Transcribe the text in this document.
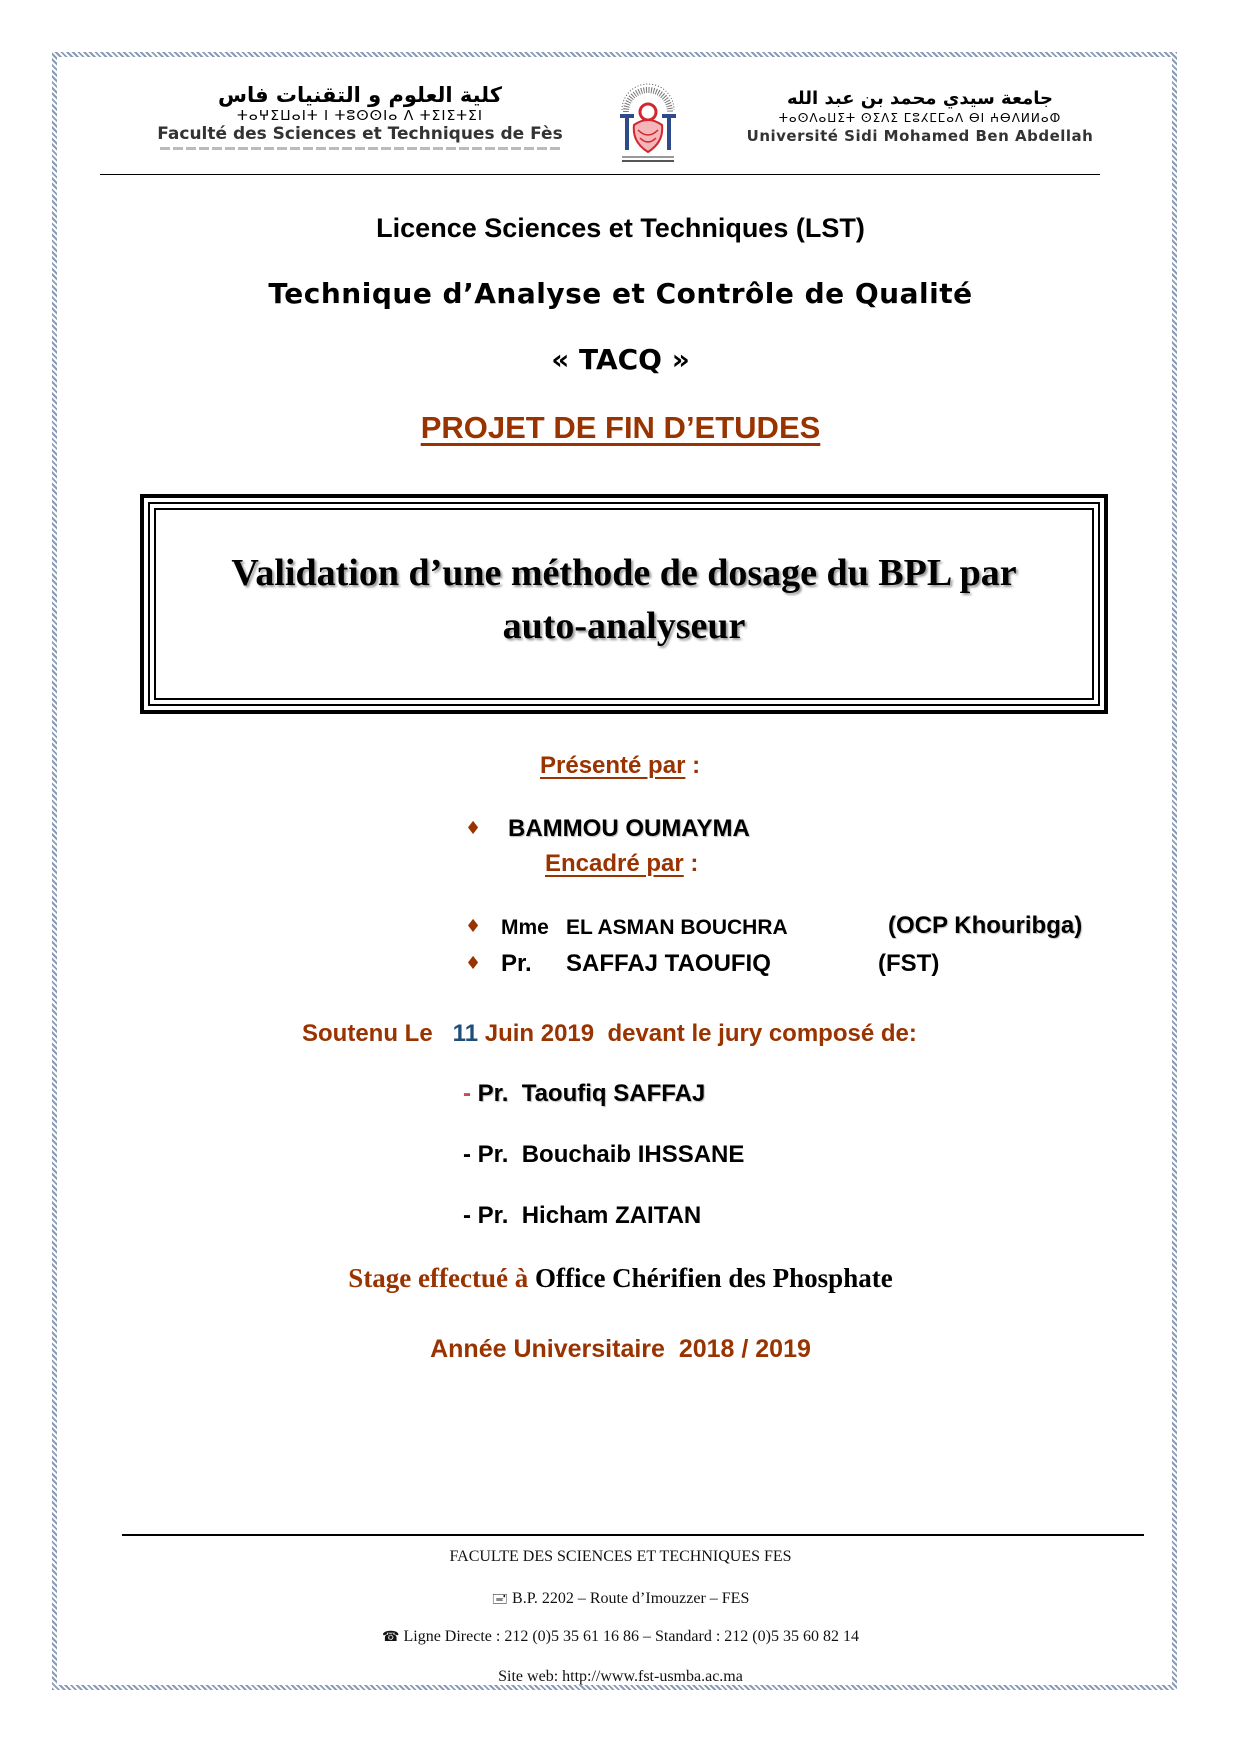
كلية العلوم و التقنيات فاس
ⵜⴰⵖⵉⵡⴰⵏⵜ ⵏ ⵜⵓⵙⵙⵏⴰ ⴷ ⵜⵉⵏⵉⵜⵉⵏ
Faculté des Sciences et Techniques de Fès
جامعة سيدي محمد بن عبد الله
ⵜⴰⵙⴷⴰⵡⵉⵜ ⵙⵉⴷⵉ ⵎⵓⵃⵎⵎⴰⴷ ⴱⵏ ⵄⴱⴷⵍⵍⴰⵀ
Université Sidi Mohamed Ben Abdellah
Licence Sciences et Techniques (LST)
Technique d’Analyse et Contrôle de Qualité
« TACQ »
PROJET DE FIN D’ETUDES
Validation d’une méthode de dosage du BPL par
auto-analyseur
Présenté par :
♦ BAMMOU OUMAYMA
Encadré par :
♦ Mme EL ASMAN BOUCHRA	(OCP Khouribga)
♦ Pr. SAFFAJ TAOUFIQ	(FST)
Soutenu Le   11 Juin 2019  devant le jury composé de:
- Pr.  Taoufiq SAFFAJ
- Pr.  Bouchaib IHSSANE
- Pr.  Hicham ZAITAN
Stage effectué à Office Chérifien des Phosphate
Année Universitaire  2018 / 2019
FACULTE DES SCIENCES ET TECHNIQUES FES
🖃 B.P. 2202 – Route d’Imouzzer – FES
☎ Ligne Directe : 212 (0)5 35 61 16 86 – Standard : 212 (0)5 35 60 82 14
Site web: http://www.fst-usmba.ac.ma
